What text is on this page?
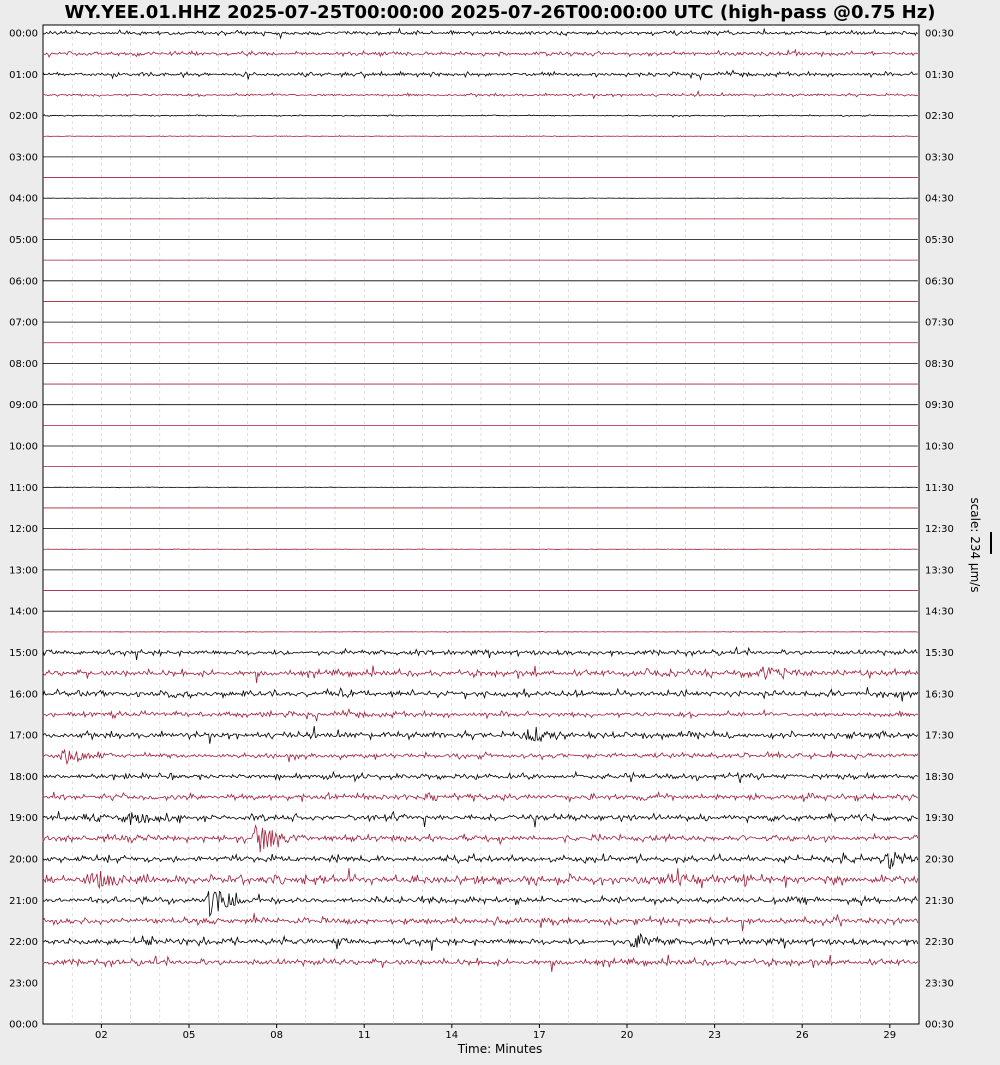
WY.YEE.01.HHZ 2025-07-25T00:00:00 2025-07-26T00:00:00 UTC (high-pass @0.75 Hz)
00:00
01:00
02:00
03:00
04:00
05:00
06:00
07:00
08:00
09:00
10:00
11:00
12:00
13:00
14:00
15:00
16:00
17:00
18:00
19:00
20:00
21:00
22:00
23:00
00:00
00:30
01:30
02:30
03:30
04:30
05:30
06:30
07:30
08:30
09:30
10:30
11:30
12:30
13:30
14:30
15:30
16:30
17:30
18:30
19:30
20:30
21:30
22:30
23:30
00:30
02	05	08	11	14	17	20	23	26	29
Time: Minutes
scale: 234 μm/s
